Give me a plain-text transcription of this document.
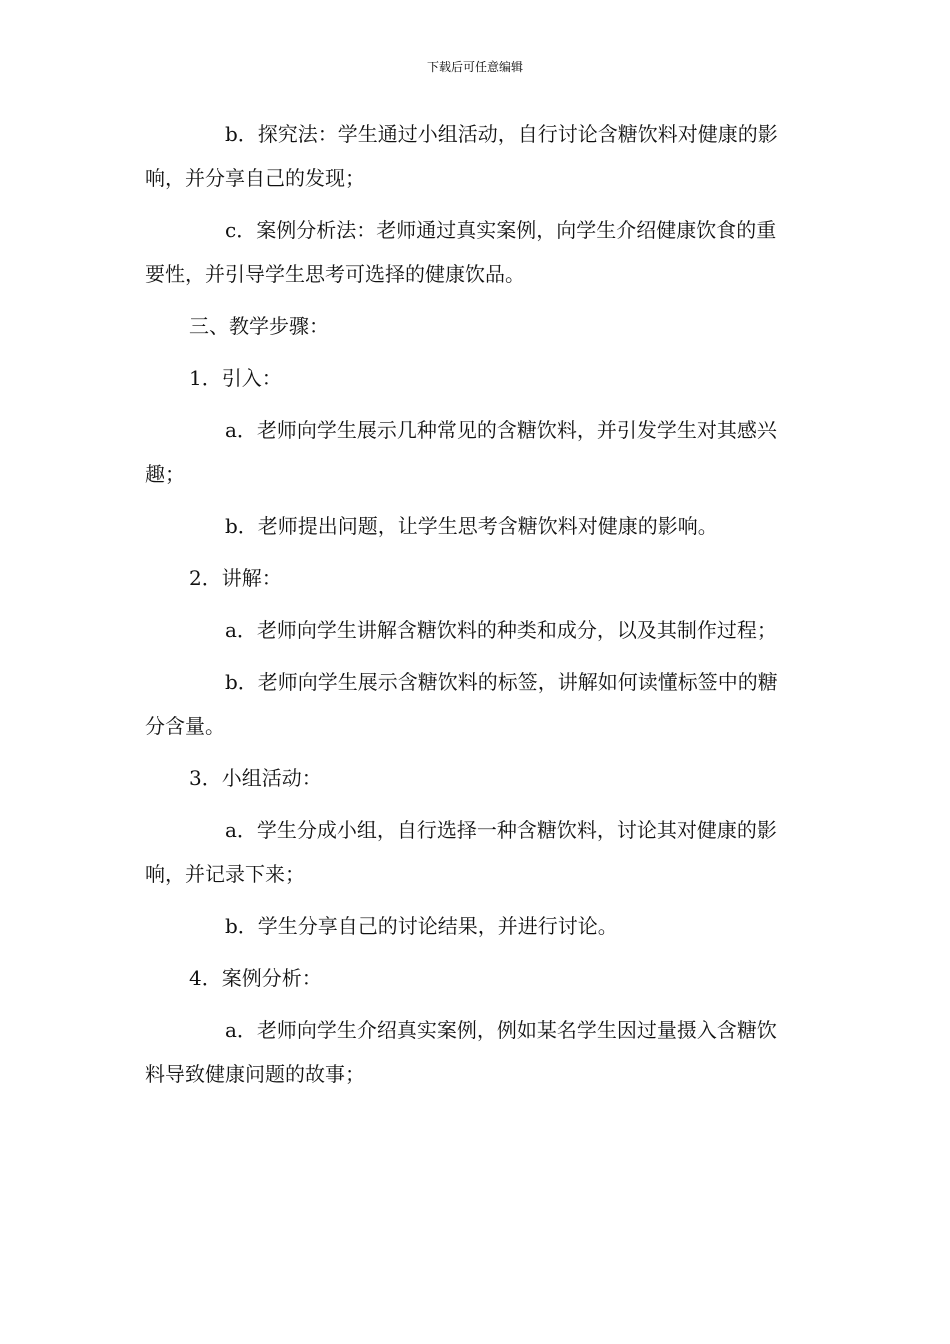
下载后可任意编辑

b．探究法：学生通过小组活动，自行讨论含糖饮料对健康的影响，并分享自己的发现；

c．案例分析法：老师通过真实案例，向学生介绍健康饮食的重要性，并引导学生思考可选择的健康饮品。

三、教学步骤：

1．引入：

a．老师向学生展示几种常见的含糖饮料，并引发学生对其感兴趣；

b．老师提出问题，让学生思考含糖饮料对健康的影响。

2．讲解：

a．老师向学生讲解含糖饮料的种类和成分，以及其制作过程；

b．老师向学生展示含糖饮料的标签，讲解如何读懂标签中的糖分含量。

3．小组活动：

a．学生分成小组，自行选择一种含糖饮料，讨论其对健康的影响，并记录下来；

b．学生分享自己的讨论结果，并进行讨论。

4．案例分析：

a．老师向学生介绍真实案例，例如某名学生因过量摄入含糖饮料导致健康问题的故事；
